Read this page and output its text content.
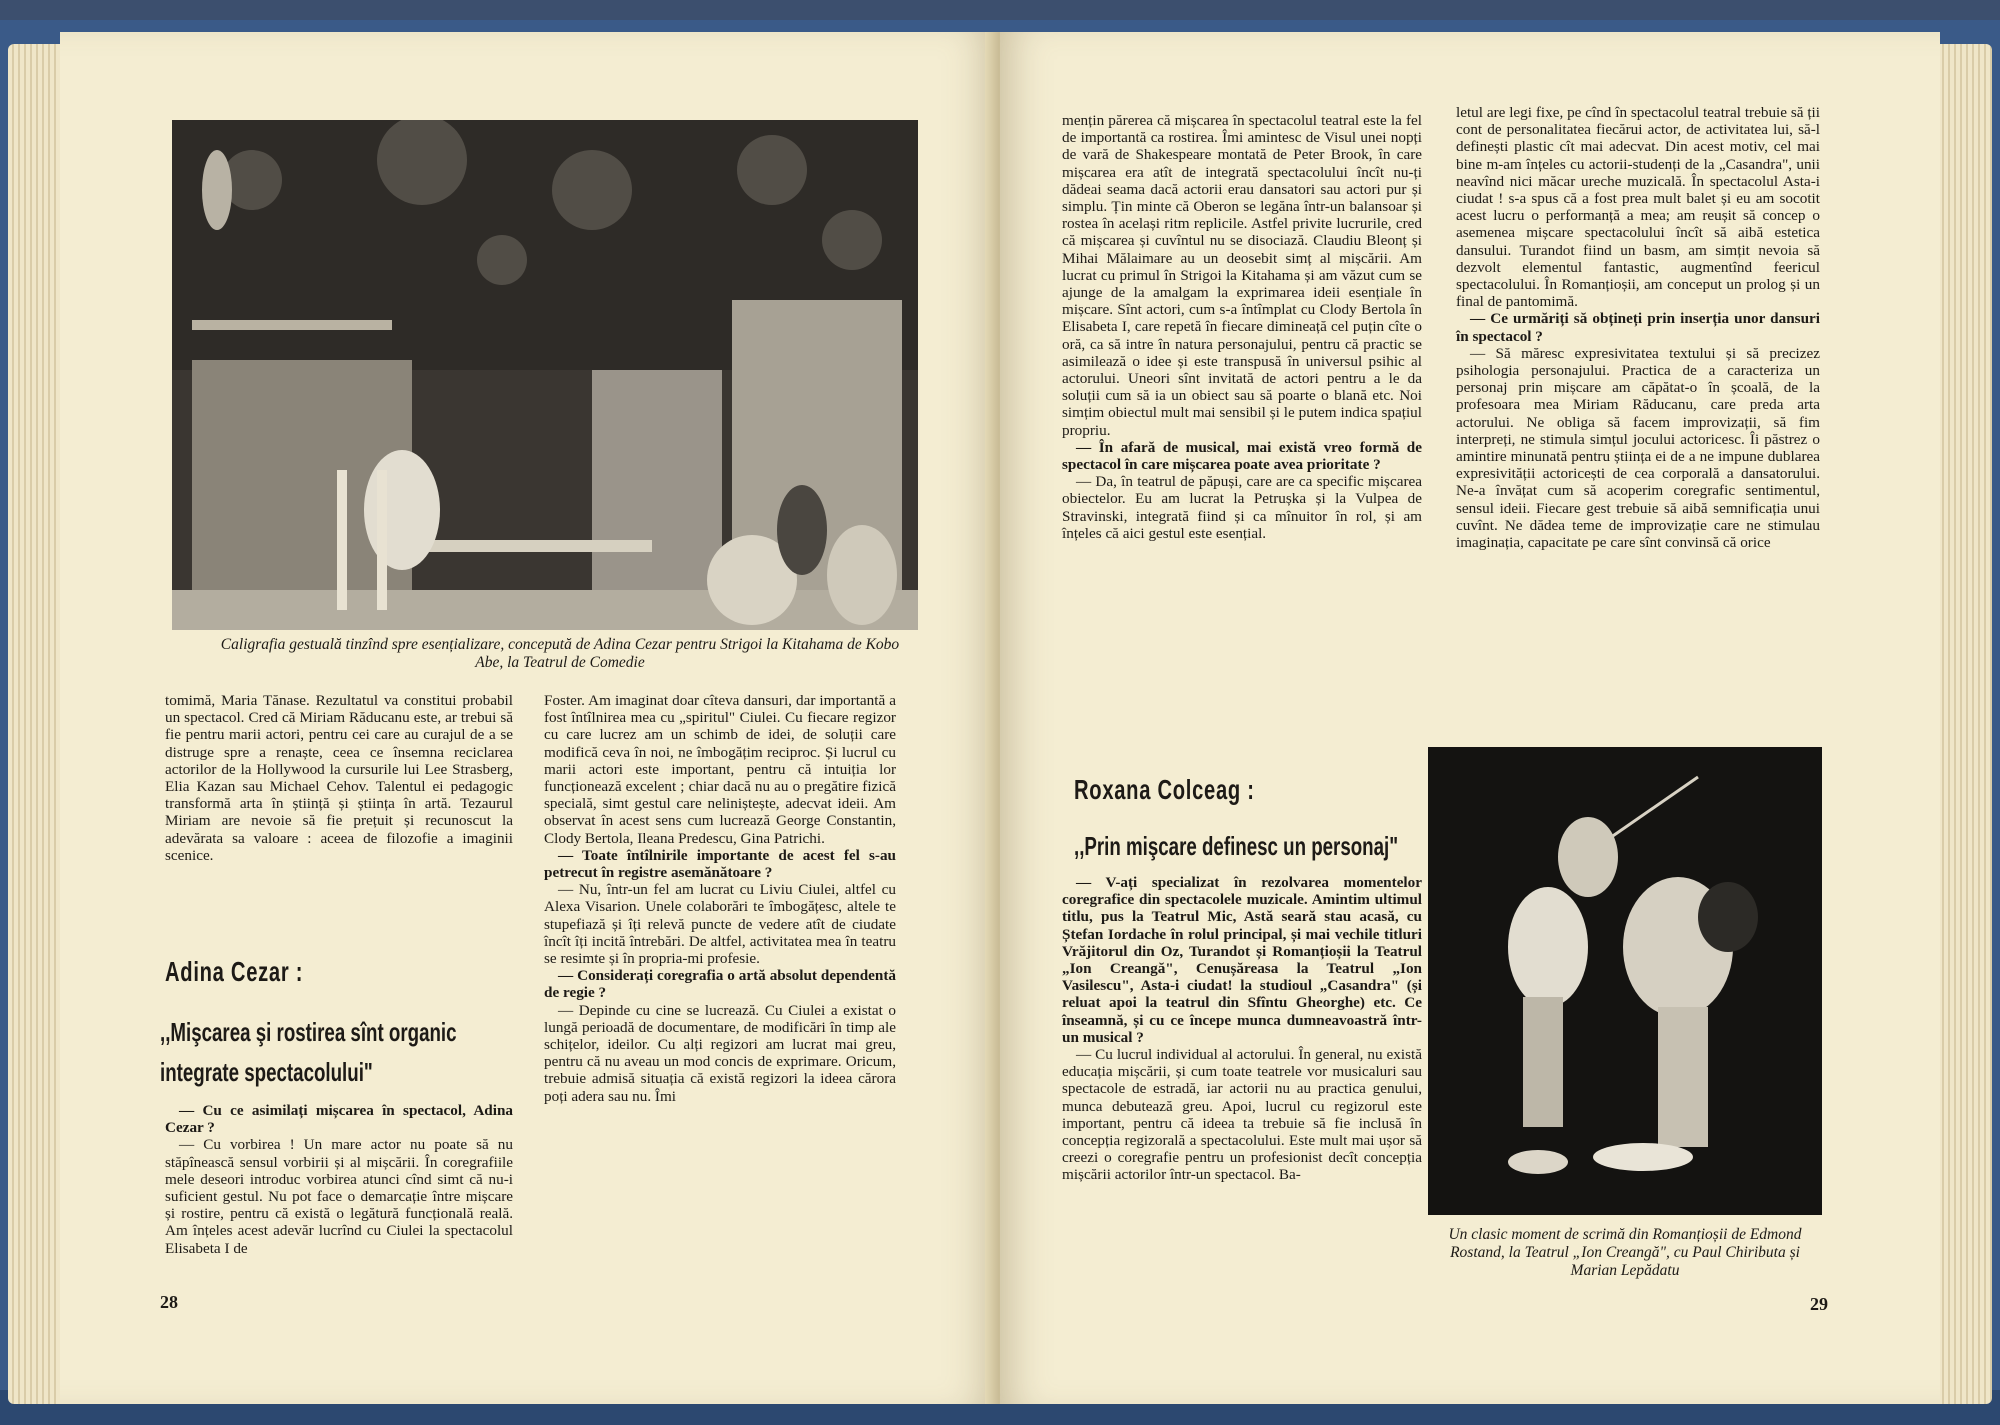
Caligrafia gestuală tinzînd spre esențializare, concepută de Adina Cezar pentru Strigoi la Kitahama de Kobo Abe, la Teatrul de Comedie

tomimă, Maria Tănase. Rezultatul va constitui probabil un spectacol. Cred că Miriam Răducanu este, ar trebui să fie pentru marii actori, pentru cei care au curajul de a se distruge spre a renaște, ceea ce însemna reciclarea actorilor de la Hollywood la cursurile lui Lee Strasberg, Elia Kazan sau Michael Cehov. Talentul ei pedagogic transformă arta în știință și știința în artă. Tezaurul Miriam are nevoie să fie prețuit și recunoscut la adevărata sa valoare : aceea de filozofie a imaginii scenice.

Adina Cezar :
,,Mişcarea şi rostirea sînt organic integrate spectacolului"

— Cu ce asimilați mișcarea în spectacol, Adina Cezar ?

— Cu vorbirea ! Un mare actor nu poate să nu stăpînească sensul vorbirii și al mișcării. În coregrafiile mele deseori introduc vorbirea atunci cînd simt că nu-i suficient gestul. Nu pot face o demarcație între mișcare și rostire, pentru că există o legătură funcțională reală. Am înțeles acest adevăr lucrînd cu Ciulei la spectacolul Elisabeta I de

Foster. Am imaginat doar cîteva dansuri, dar importantă a fost întîlnirea mea cu „spiritul" Ciulei. Cu fiecare regizor cu care lucrez am un schimb de idei, de soluții care modifică ceva în noi, ne îmbogățim reciproc. Și lucrul cu marii actori este important, pentru că intuiția lor funcționează excelent ; chiar dacă nu au o pregătire fizică specială, simt gestul care neliniștește, adecvat ideii. Am observat în acest sens cum lucrează George Constantin, Clody Bertola, Ileana Predescu, Gina Patrichi.

— Toate întîlnirile importante de acest fel s-au petrecut în registre asemănătoare ?

— Nu, într-un fel am lucrat cu Liviu Ciulei, altfel cu Alexa Visarion. Unele colaborări te îmbogățesc, altele te stupefiază și îți relevă puncte de vedere atît de ciudate încît îți incită întrebări. De altfel, activitatea mea în teatru se resimte și în propria-mi profesie.

— Considerați coregrafia o artă absolut dependentă de regie ?

— Depinde cu cine se lucrează. Cu Ciulei a existat o lungă perioadă de documentare, de modificări în timp ale schițelor, ideilor. Cu alți regizori am lucrat mai greu, pentru că nu aveau un mod concis de exprimare. Oricum, trebuie admisă situația că există regizori la ideea cărora poți adera sau nu. Îmi

28

mențin părerea că mișcarea în spectacolul teatral este la fel de importantă ca rostirea. Îmi amintesc de Visul unei nopți de vară de Shakespeare montată de Peter Brook, în care mișcarea era atît de integrată spectacolului încît nu-ți dădeai seama dacă actorii erau dansatori sau actori pur și simplu. Țin minte că Oberon se legăna într-un balansoar și rostea în același ritm replicile. Astfel privite lucrurile, cred că mișcarea și cuvîntul nu se disociază. Claudiu Bleonț și Mihai Mălaimare au un deosebit simț al mișcării. Am lucrat cu primul în Strigoi la Kitahama și am văzut cum se ajunge de la amalgam la exprimarea ideii esențiale în mișcare. Sînt actori, cum s-a întîmplat cu Clody Bertola în Elisabeta I, care repetă în fiecare dimineață cel puțin cîte o oră, ca să intre în natura personajului, pentru că practic se asimilează o idee și este transpusă în universul psihic al actorului. Uneori sînt invitată de actori pentru a le da soluții cum să ia un obiect sau să poarte o blană etc. Noi simțim obiectul mult mai sensibil și le putem indica spațiul propriu.

— În afară de musical, mai există vreo formă de spectacol în care mișcarea poate avea prioritate ?

— Da, în teatrul de păpuși, care are ca specific mișcarea obiectelor. Eu am lucrat la Petrușka și la Vulpea de Stravinski, integrată fiind și ca mînuitor în rol, și am înțeles că aici gestul este esențial.

Roxana Colceag :
,,Prin mişcare definesc un personaj"

— V-ați specializat în rezolvarea momentelor coregrafice din spectacolele muzicale. Amintim ultimul titlu, pus la Teatrul Mic, Astă seară stau acasă, cu Ștefan Iordache în rolul principal, și mai vechile titluri Vrăjitorul din Oz, Turandot și Romanțioșii la Teatrul „Ion Creangă", Cenușăreasa la Teatrul „Ion Vasilescu", Asta-i ciudat! la studioul „Casandra" (și reluat apoi la teatrul din Sfîntu Gheorghe) etc. Ce înseamnă, și cu ce începe munca dumneavoastră într-un musical ?

— Cu lucrul individual al actorului. În general, nu există educația mișcării, și cum toate teatrele vor musicaluri sau spectacole de estradă, iar actorii nu au practica genului, munca debutează greu. Apoi, lucrul cu regizorul este important, pentru că ideea ta trebuie să fie inclusă în concepția regizorală a spectacolului. Este mult mai ușor să creezi o coregrafie pentru un profesionist decît concepția mișcării actorilor într-un spectacol. Ba-

letul are legi fixe, pe cînd în spectacolul teatral trebuie să ții cont de personalitatea fiecărui actor, de activitatea lui, să-l definești plastic cît mai adecvat. Din acest motiv, cel mai bine m-am înțeles cu actorii-studenți de la „Casandra", unii neavînd nici măcar ureche muzicală. În spectacolul Asta-i ciudat ! s-a spus că a fost prea mult balet și eu am socotit acest lucru o performanță a mea; am reușit să concep o asemenea mișcare spectacolului încît să aibă estetica dansului. Turandot fiind un basm, am simțit nevoia să dezvolt elementul fantastic, augmentînd feericul spectacolului. În Romanțioșii, am conceput un prolog și un final de pantomimă.

— Ce urmăriți să obțineți prin inserția unor dansuri în spectacol ?

— Să măresc expresivitatea textului și să precizez psihologia personajului. Practica de a caracteriza un personaj prin mișcare am căpătat-o în școală, de la profesoara mea Miriam Răducanu, care preda arta actorului. Ne obliga să facem improvizații, să fim interpreți, ne stimula simțul jocului actoricesc. Îi păstrez o amintire minunată pentru știința ei de a ne impune dublarea expresivității actoricești de cea corporală a dansatorului. Ne-a învățat cum să acoperim coregrafic sentimentul, sensul ideii. Fiecare gest trebuie să aibă semnificația unui cuvînt. Ne dădea teme de improvizație care ne stimulau imaginația, capacitate pe care sînt convinsă că orice

Un clasic moment de scrimă din Romanțioșii de Edmond Rostand, la Teatrul „Ion Creangă", cu Paul Chiributa și Marian Lepădatu
29
